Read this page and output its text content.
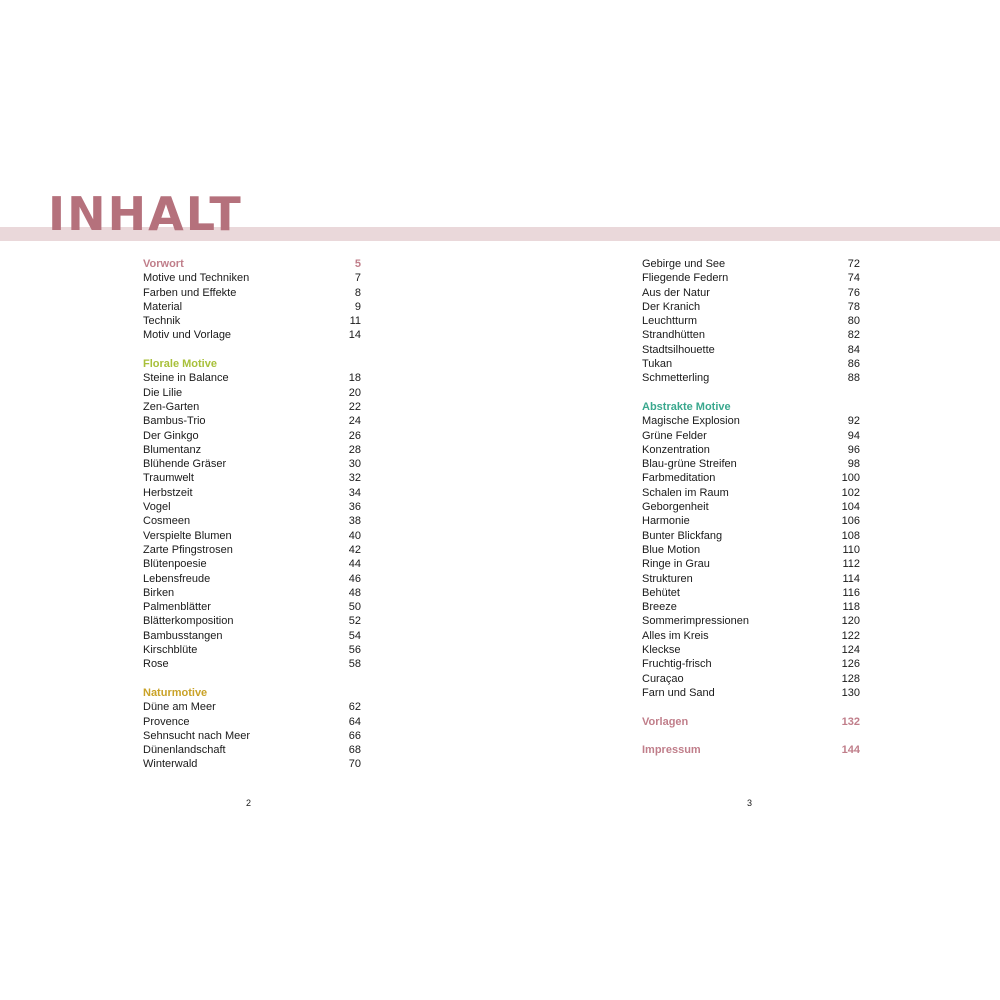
INHALT
Vorwort	5
Motive und Techniken	7
Farben und Effekte	8
Material	9
Technik	11
Motiv und Vorlage	14
Florale Motive
Steine in Balance	18
Die Lilie	20
Zen-Garten	22
Bambus-Trio	24
Der Ginkgo	26
Blumentanz	28
Blühende Gräser	30
Traumwelt	32
Herbstzeit	34
Vogel	36
Cosmeen	38
Verspielte Blumen	40
Zarte Pfingstrosen	42
Blütenpoesie	44
Lebensfreude	46
Birken	48
Palmenblätter	50
Blätterkomposition	52
Bambusstangen	54
Kirschblüte	56
Rose	58
Naturmotive
Düne am Meer	62
Provence	64
Sehnsucht nach Meer	66
Dünenlandschaft	68
Winterwald	70
Gebirge und See	72
Fliegende Federn	74
Aus der Natur	76
Der Kranich	78
Leuchtturm	80
Strandhütten	82
Stadtsilhouette	84
Tukan	86
Schmetterling	88
Abstrakte Motive
Magische Explosion	92
Grüne Felder	94
Konzentration	96
Blau-grüne Streifen	98
Farbmeditation	100
Schalen im Raum	102
Geborgenheit	104
Harmonie	106
Bunter Blickfang	108
Blue Motion	110
Ringe in Grau	112
Strukturen	114
Behütet	116
Breeze	118
Sommerimpressionen	120
Alles im Kreis	122
Kleckse	124
Fruchtig-frisch	126
Curaçao	128
Farn und Sand	130
Vorlagen	132
Impressum	144
2	3
